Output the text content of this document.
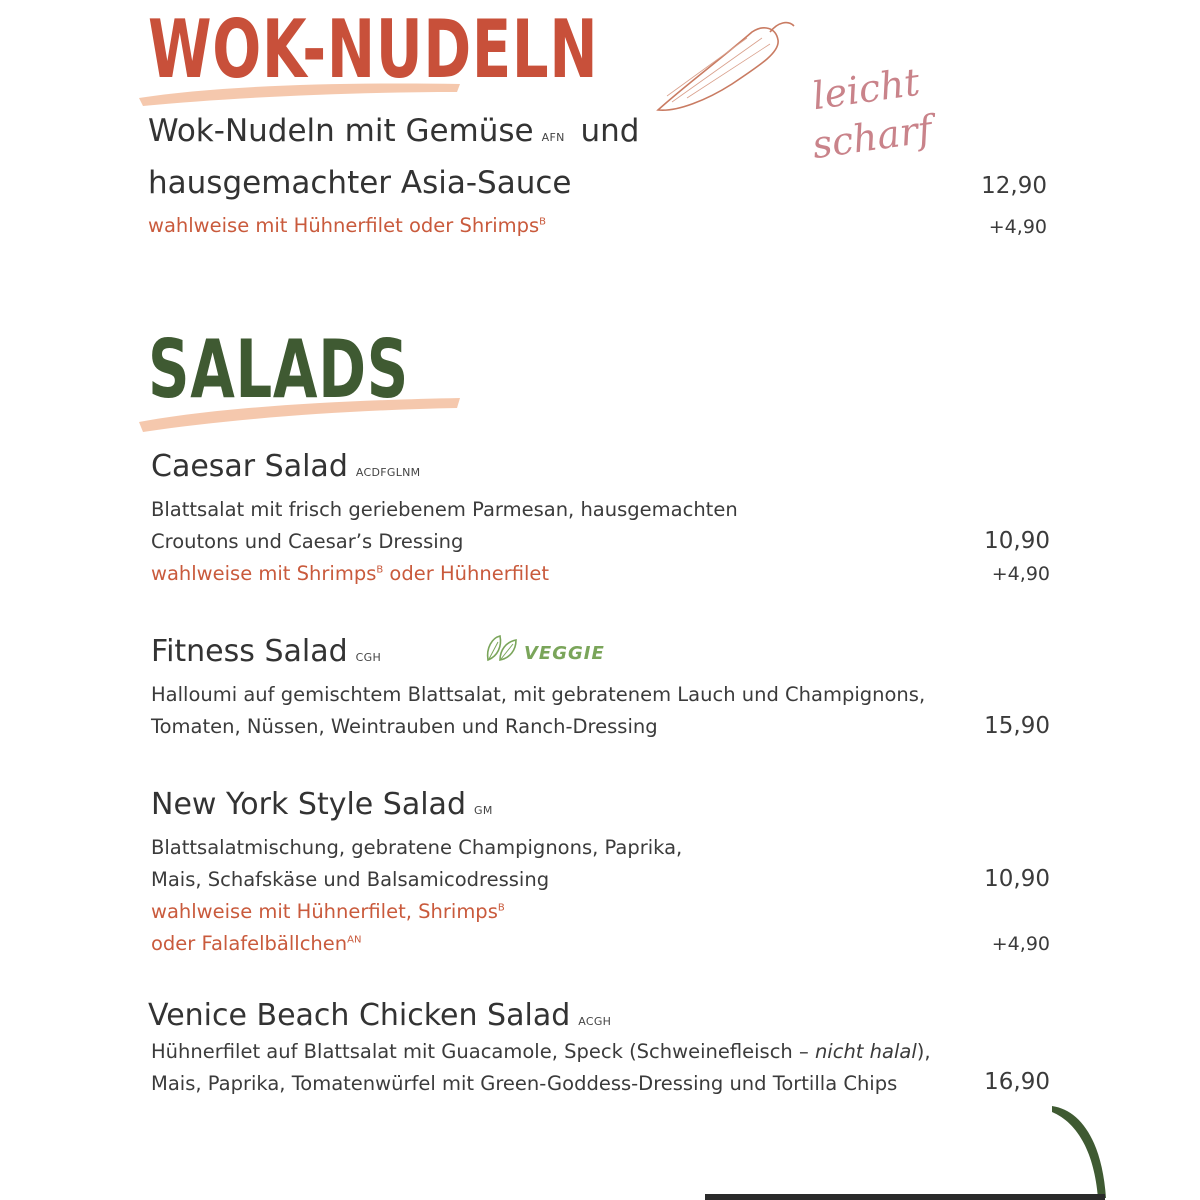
WOK-NUDELN	leicht
scharf
Wok-Nudeln mit Gemüse AFN und
hausgemachter Asia-Sauce	12,90
wahlweise mit Hühnerfilet oder Shrimps$^B$	+4,90
SALADS
Caesar Salad ACDFGLNM
Blattsalat mit frisch geriebenem Parmesan, hausgemachten
Croutons und Caesar’s Dressing	10,90
wahlweise mit Shrimps$^B$ oder Hühnerfilet	+4,90
Fitness Salad CGH	VEGGIE
Halloumi auf gemischtem Blattsalat, mit gebratenem Lauch und Champignons,
Tomaten, Nüssen, Weintrauben und Ranch-Dressing	15,90
New York Style Salad GM
Blattsalatmischung, gebratene Champignons, Paprika,
Mais, Schafskäse und Balsamicodressing	10,90
wahlweise mit Hühnerfilet, Shrimps$^B$
oder Falafelbällchen$^{AN}$	+4,90
Venice Beach Chicken Salad ACGH
Hühnerfilet auf Blattsalat mit Guacamole, Speck (Schweinefleisch – nicht halal),
Mais, Paprika, Tomatenwürfel mit Green-Goddess-Dressing und Tortilla Chips	16,90
